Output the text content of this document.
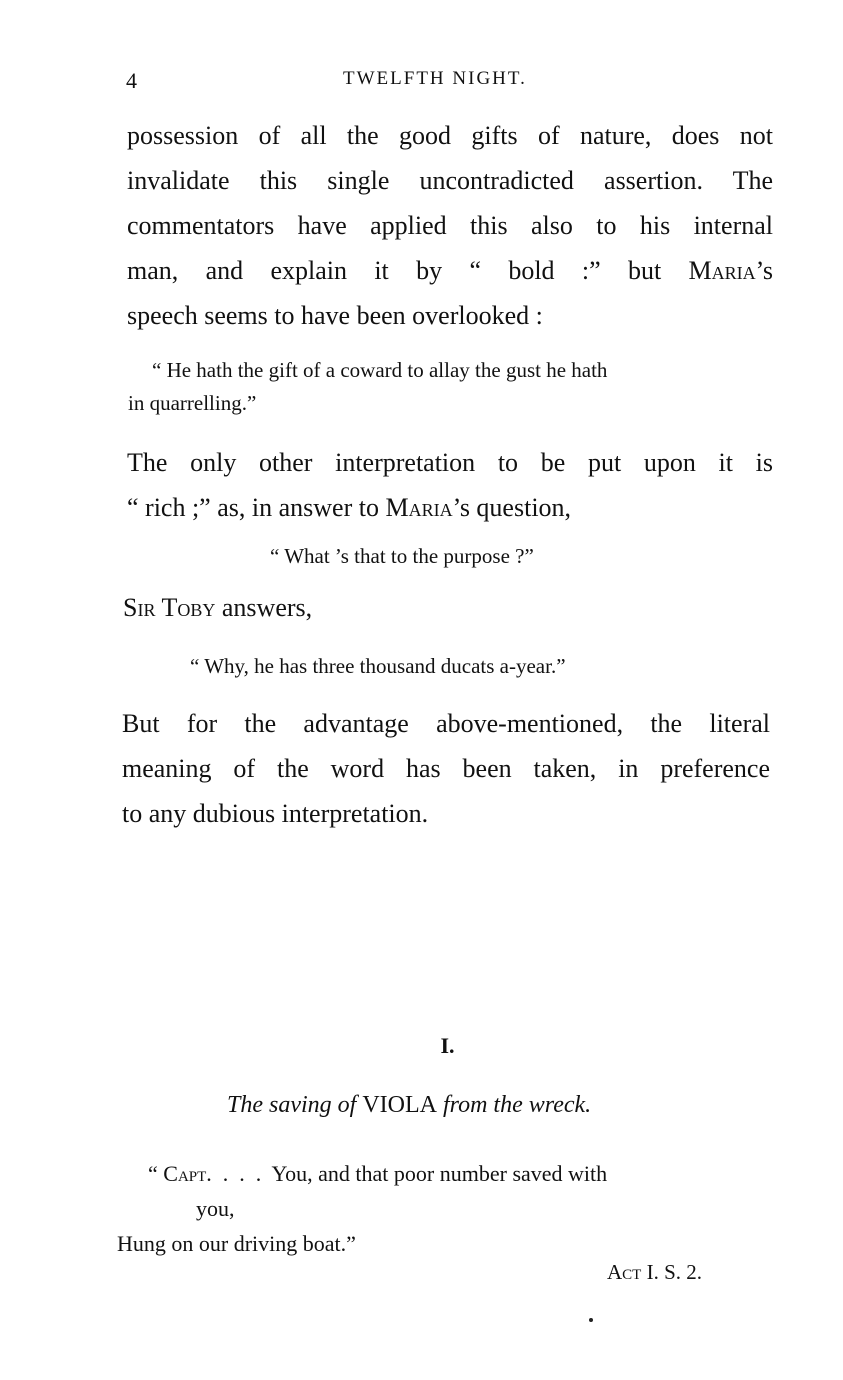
4	TWELFTH NIGHT.
possession of all the good gifts of nature, does not
invalidate this single uncontradicted assertion. The
commentators have applied this also to his internal
man, and explain it by “ bold :” but Maria’s
speech seems to have been overlooked :
“ He hath the gift of a coward to allay the gust he hath
in quarrelling.”
The only other interpretation to be put upon it is
“ rich ;” as, in answer to Maria’s question,
“ What ’s that to the purpose ?”
Sir Toby answers,
“ Why, he has three thousand ducats a-year.”
But for the advantage above-mentioned, the literal
meaning of the word has been taken, in preference
to any dubious interpretation.
I.
The saving of VIOLA from the wreck.
“ Capt.  .  .  .  You, and that poor number saved with
you,
Hung on our driving boat.”
Act I. S. 2.
